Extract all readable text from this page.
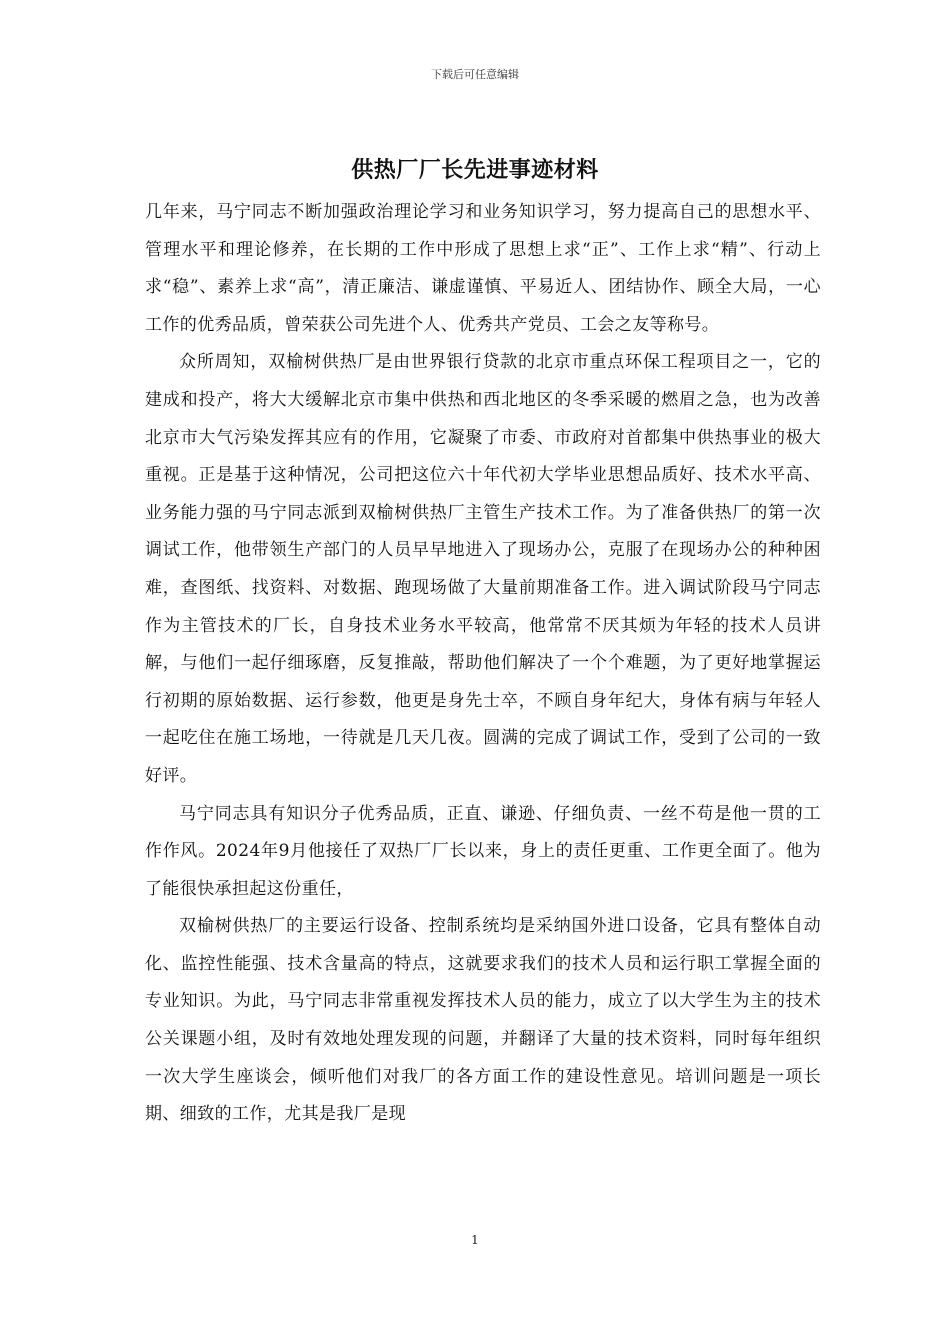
下载后可任意编辑
供热厂厂长先进事迹材料

几年来，马宁同志不断加强政治理论学习和业务知识学习，努力提高自己的思想水平、管理水平和理论修养，在长期的工作中形成了思想上求“正”、工作上求“精”、行动上求“稳”、素养上求“高”，清正廉洁、谦虚谨慎、平易近人、团结协作、顾全大局，一心工作的优秀品质，曾荣获公司先进个人、优秀共产党员、工会之友等称号。

众所周知，双榆树供热厂是由世界银行贷款的北京市重点环保工程项目之一，它的建成和投产，将大大缓解北京市集中供热和西北地区的冬季采暖的燃眉之急，也为改善北京市大气污染发挥其应有的作用，它凝聚了市委、市政府对首都集中供热事业的极大重视。正是基于这种情况，公司把这位六十年代初大学毕业思想品质好、技术水平高、业务能力强的马宁同志派到双榆树供热厂主管生产技术工作。为了准备供热厂的第一次调试工作，他带领生产部门的人员早早地进入了现场办公，克服了在现场办公的种种困难，查图纸、找资料、对数据、跑现场做了大量前期准备工作。进入调试阶段马宁同志作为主管技术的厂长，自身技术业务水平较高，他常常不厌其烦为年轻的技术人员讲解，与他们一起仔细琢磨，反复推敲，帮助他们解决了一个个难题，为了更好地掌握运行初期的原始数据、运行参数，他更是身先士卒，不顾自身年纪大，身体有病与年轻人一起吃住在施工场地，一待就是几天几夜。圆满的完成了调试工作，受到了公司的一致好评。

马宁同志具有知识分子优秀品质，正直、谦逊、仔细负责、一丝不苟是他一贯的工作作风。2024年9月他接任了双热厂厂长以来，身上的责任更重、工作更全面了。他为了能很快承担起这份重任，

双榆树供热厂的主要运行设备、控制系统均是采纳国外进口设备，它具有整体自动化、监控性能强、技术含量高的特点，这就要求我们的技术人员和运行职工掌握全面的专业知识。为此，马宁同志非常重视发挥技术人员的能力，成立了以大学生为主的技术公关课题小组，及时有效地处理发现的问题，并翻译了大量的技术资料，同时每年组织一次大学生座谈会，倾听他们对我厂的各方面工作的建设性意见。培训问题是一项长期、细致的工作，尤其是我厂是现

1
